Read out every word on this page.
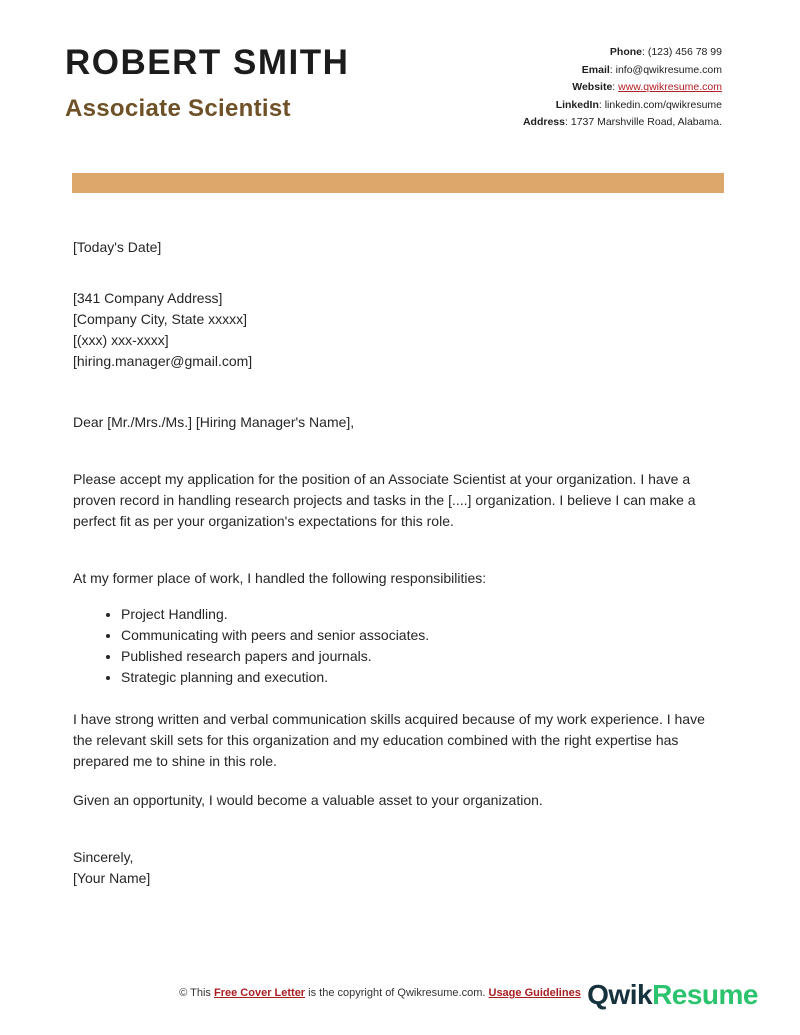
ROBERT SMITH
Associate Scientist
Phone: (123) 456 78 99
Email: info@qwikresume.com
Website: www.qwikresume.com
LinkedIn: linkedin.com/qwikresume
Address: 1737 Marshville Road, Alabama.
[Today's Date]
[341 Company Address]
[Company City, State xxxxx]
[(xxx) xxx-xxxx]
[hiring.manager@gmail.com]
Dear [Mr./Mrs./Ms.] [Hiring Manager's Name],

Please accept my application for the position of an Associate Scientist at your organization. I have a proven record in handling research projects and tasks in the [....] organization. I believe I can make a perfect fit as per your organization's expectations for this role.

At my former place of work, I handled the following responsibilities:

• Project Handling.
• Communicating with peers and senior associates.
• Published research papers and journals.
• Strategic planning and execution.

I have strong written and verbal communication skills acquired because of my work experience. I have the relevant skill sets for this organization and my education combined with the right expertise has prepared me to shine in this role.

Given an opportunity, I would become a valuable asset to your organization.

Sincerely,
[Your Name]
© This Free Cover Letter is the copyright of Qwikresume.com. Usage Guidelines QwikResume
